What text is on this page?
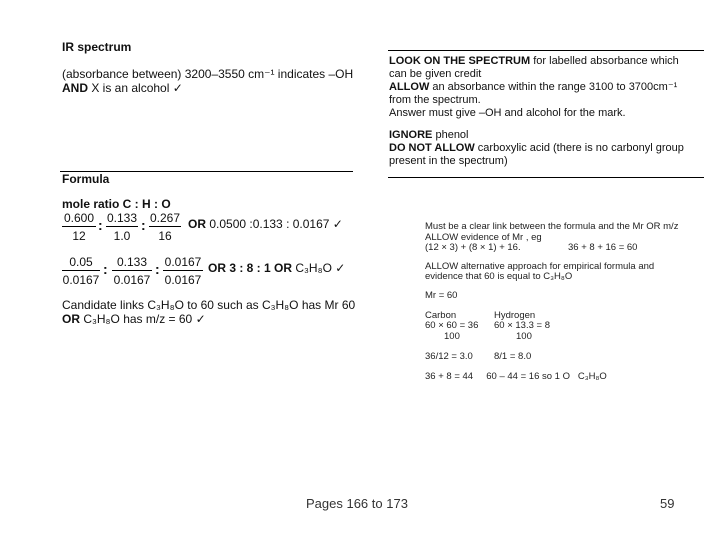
IR spectrum
(absorbance between) 3200–3550 cm⁻¹ indicates –OH
AND X is an alcohol ✓
Formula
mole ratio C : H : O
$\frac{0.600}{12}$ : $\frac{0.133}{1.0}$ : $\frac{0.267}{16}$ OR 0.0500 :0.133 : 0.0167 ✓
$\frac{0.05}{0.0167}$ : $\frac{0.133}{0.0167}$ : $\frac{0.0167}{0.0167}$ OR 3 : 8 : 1 OR C₃H₈O ✓
Candidate links C₃H₈O to 60 such as C₃H₈O has Mr 60
OR C₃H₈O has m/z = 60 ✓
LOOK ON THE SPECTRUM for labelled absorbance which
can be given credit
ALLOW an absorbance within the range 3100 to 3700cm⁻¹
from the spectrum.
Answer must give –OH and alcohol for the mark.
IGNORE phenol
DO NOT ALLOW carboxylic acid (there is no carbonyl group
present in the spectrum)
Must be a clear link between the formula and the Mr OR m/z
ALLOW evidence of Mr , eg
(12 × 3) + (8 × 1) + 16.	36 + 8 + 16 = 60
ALLOW alternative approach for empirical formula and
evidence that 60 is equal to C₃H₈O
Mr = 60
Carbon	Hydrogen
60 × 60 = 36 60 × 13.3 = 8
100	100
36/12 = 3.0 8/1 = 8.0
36 + 8 = 44     60 – 44 = 16 so 1 O   C₃H₈O
Pages 166 to 173	59
